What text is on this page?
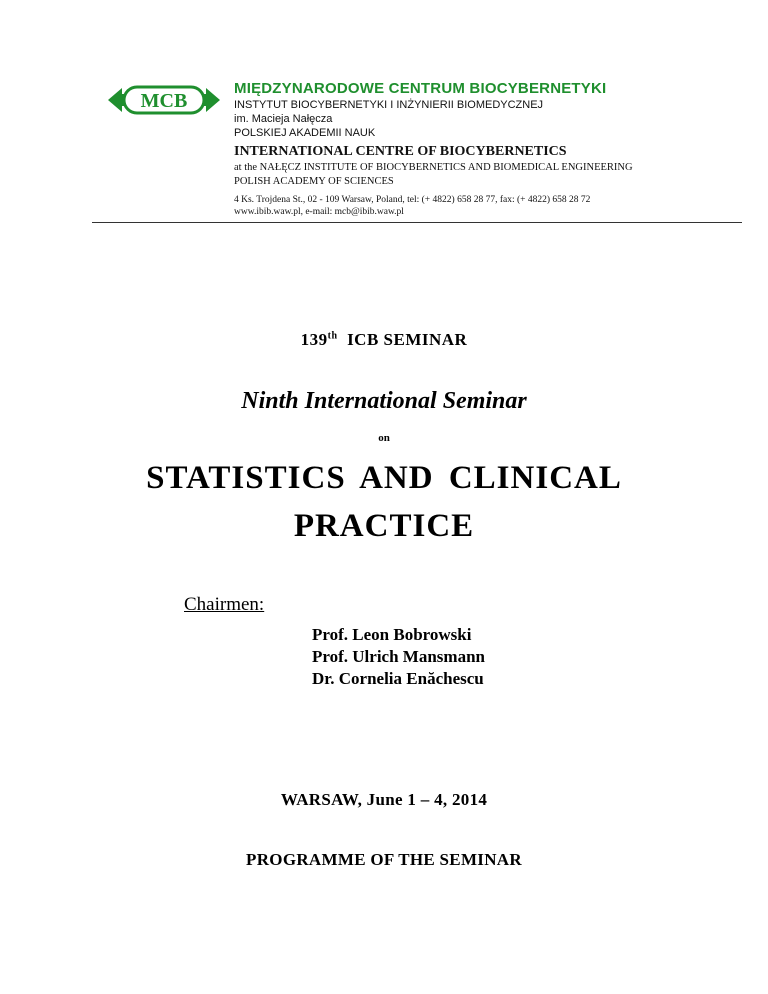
MCB
MIĘDZYNARODOWE CENTRUM BIOCYBERNETYKI
INSTYTUT BIOCYBERNETYKI I INŻYNIERII BIOMEDYCZNEJ
im. Macieja Nałęcza
POLSKIEJ AKADEMII NAUK
INTERNATIONAL CENTRE OF BIOCYBERNETICS
at the NAŁĘCZ INSTITUTE OF BIOCYBERNETICS AND BIOMEDICAL ENGINEERING
POLISH ACADEMY OF SCIENCES
4 Ks. Trojdena St., 02 - 109 Warsaw, Poland, tel: (+ 4822) 658 28 77, fax: (+ 4822) 658 28 72
www.ibib.waw.pl, e-mail: mcb@ibib.waw.pl
139th ICB SEMINAR
Ninth International Seminar
on
STATISTICS AND CLINICAL
PRACTICE
Chairmen:
Prof. Leon Bobrowski
Prof. Ulrich Mansmann
Dr. Cornelia Enăchescu
WARSAW, June 1 – 4, 2014
PROGRAMME OF THE SEMINAR
